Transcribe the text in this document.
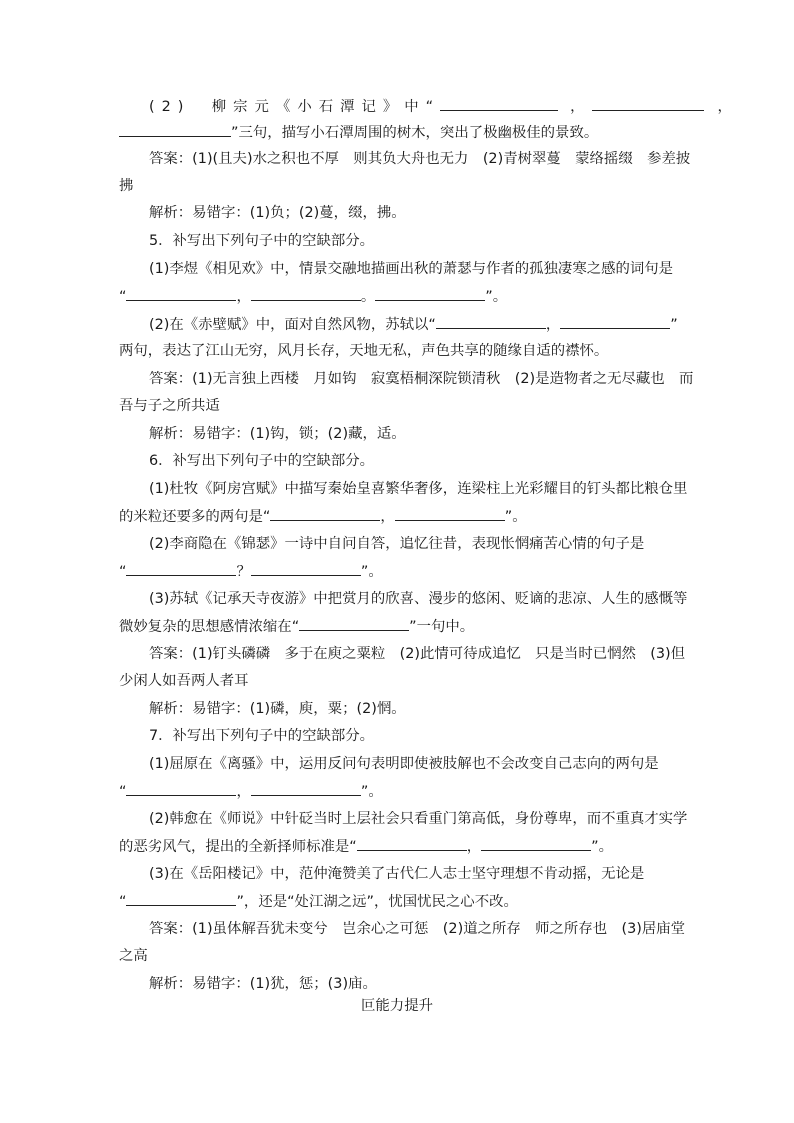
(2)　柳宗元《小石潭记》中“	，	，
”三句，描写小石潭周围的树木，突出了极幽极佳的景致。
答案：(1)(且夫)水之积也不厚　则其负大舟也无力　(2)青树翠蔓　蒙络摇缀　参差披
拂
解析：易错字：(1)负；(2)蔓，缀，拂。
5．补写出下列句子中的空缺部分。
(1)李煜《相见欢》中，情景交融地描画出秋的萧瑟与作者的孤独凄寒之感的词句是
“	，	。	”。
(2)在《赤壁赋》中，面对自然风物，苏轼以“	，	”
两句，表达了江山无穷，风月长存，天地无私，声色共享的随缘自适的襟怀。
答案：(1)无言独上西楼　月如钩　寂寞梧桐深院锁清秋　(2)是造物者之无尽藏也　而
吾与子之所共适
解析：易错字：(1)钩，锁；(2)藏，适。
6．补写出下列句子中的空缺部分。
(1)杜牧《阿房宫赋》中描写秦始皇喜繁华奢侈，连梁柱上光彩耀目的钉头都比粮仓里
的米粒还要多的两句是“	，	”。
(2)李商隐在《锦瑟》一诗中自问自答，追忆往昔，表现怅惘痛苦心情的句子是
“	？	”。
(3)苏轼《记承天寺夜游》中把赏月的欣喜、漫步的悠闲、贬谪的悲凉、人生的感慨等
微妙复杂的思想感情浓缩在“	”一句中。
答案：(1)钉头磷磷　多于在庾之粟粒　(2)此情可待成追忆　只是当时已惘然　(3)但
少闲人如吾两人者耳
解析：易错字：(1)磷，庾，粟；(2)惘。
7．补写出下列句子中的空缺部分。
(1)屈原在《离骚》中，运用反问句表明即使被肢解也不会改变自己志向的两句是
“	，	”。
(2)韩愈在《师说》中针砭当时上层社会只看重门第高低，身份尊卑，而不重真才实学
的恶劣风气，提出的全新择师标准是“	，	”。
(3)在《岳阳楼记》中，范仲淹赞美了古代仁人志士坚守理想不肯动摇，无论是
“	”，还是“处江湖之远”，忧国忧民之心不改。
答案：(1)虽体解吾犹未变兮　岂余心之可惩　(2)道之所存　师之所存也　(3)居庙堂
之高
解析：易错字：(1)犹，惩；(3)庙。
叵能力提升
